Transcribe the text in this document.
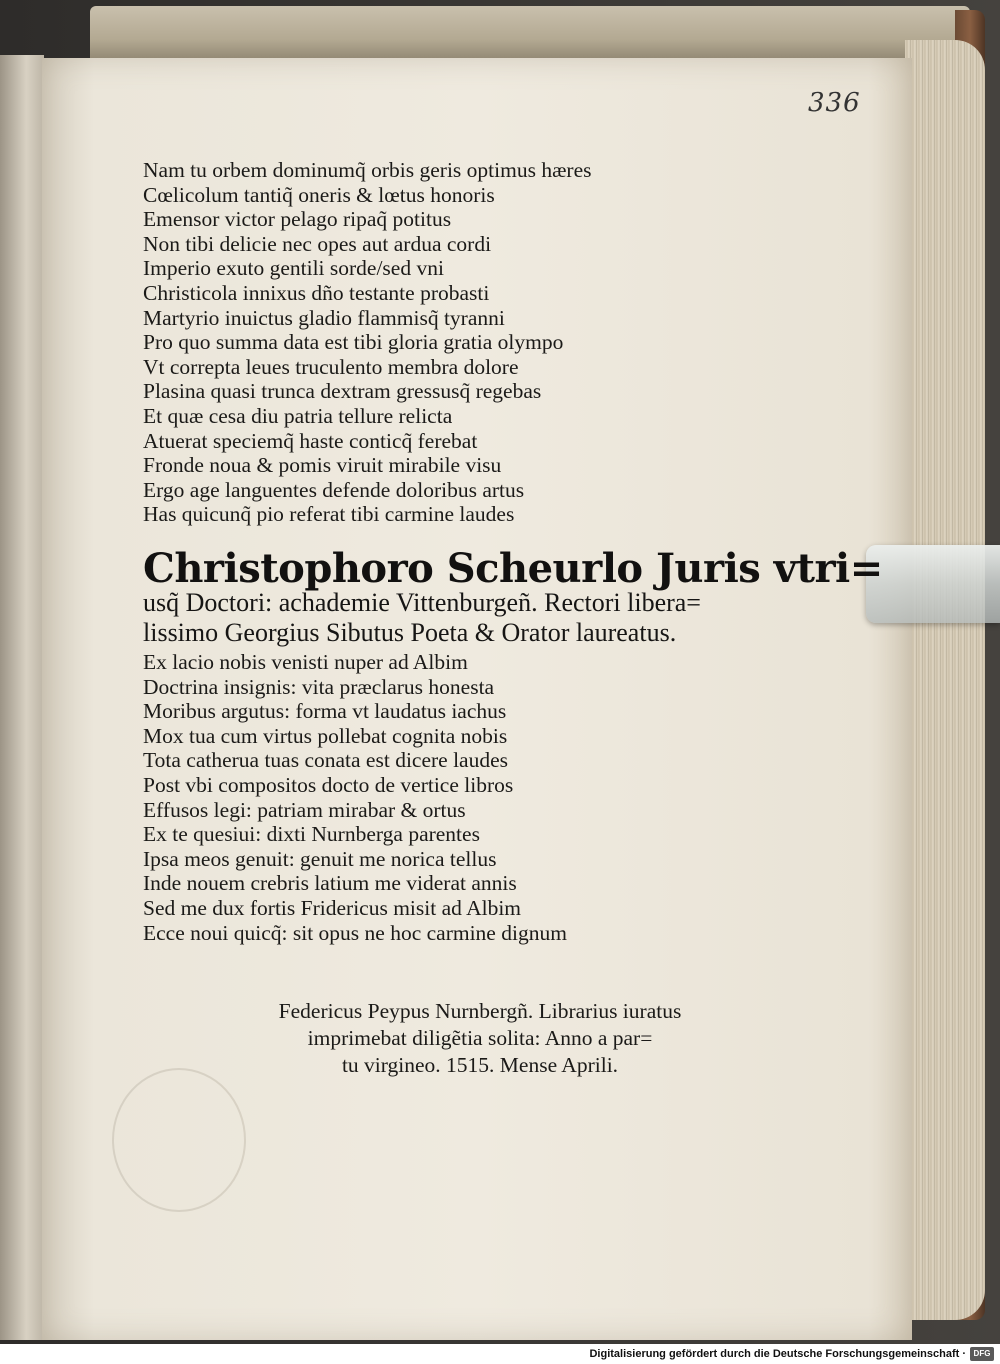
336
Nam tu orbem dominumq̃ orbis geris optimus hæres
Cœlicolum tantiq̃ oneris & lœtus honoris
Emensor victor pelago ripaq̃ potitus
Non tibi delicie nec opes aut ardua cordi
Imperio exuto gentili sorde/sed vni
Christicola innixus dño testante probasti
Martyrio inuictus gladio flammisq̃ tyranni
Pro quo summa data est tibi gloria gratia olympo
Vt correpta leues truculento membra dolore
Plasina quasi trunca dextram gressusq̃ regebas
Et quæ cesa diu patria tellure relicta
Atuerat speciemq̃ haste conticq̃ ferebat
Fronde noua & pomis viruit mirabile visu
Ergo age languentes defende doloribus artus
Has quicunq̃ pio referat tibi carmine laudes
Christophoro Scheurlo Juris vtri=
usq̃ Doctori: achademie Vittenburgeñ. Rectori libera=
lissimo Georgius Sibutus Poeta & Orator laureatus.
Ex lacio nobis venisti nuper ad Albim
Doctrina insignis: vita præclarus honesta
Moribus argutus: forma vt laudatus iachus
Mox tua cum virtus pollebat cognita nobis
Tota catherua tuas conata est dicere laudes
Post vbi compositos docto de vertice libros
Effusos legi: patriam mirabar & ortus
Ex te quesiui: dixti Nurnberga parentes
Ipsa meos genuit: genuit me norica tellus
Inde nouem crebris latium me viderat annis
Sed me dux fortis Fridericus misit ad Albim
Ecce noui quicq̃: sit opus ne hoc carmine dignum
Federicus Peypus Nurnbergñ. Librarius iuratus
imprimebat diligẽtia solita: Anno a par=
tu virgineo. 1515. Mense Aprili.
Digitalisierung gefördert durch die Deutsche Forschungsgemeinschaft · DFG
